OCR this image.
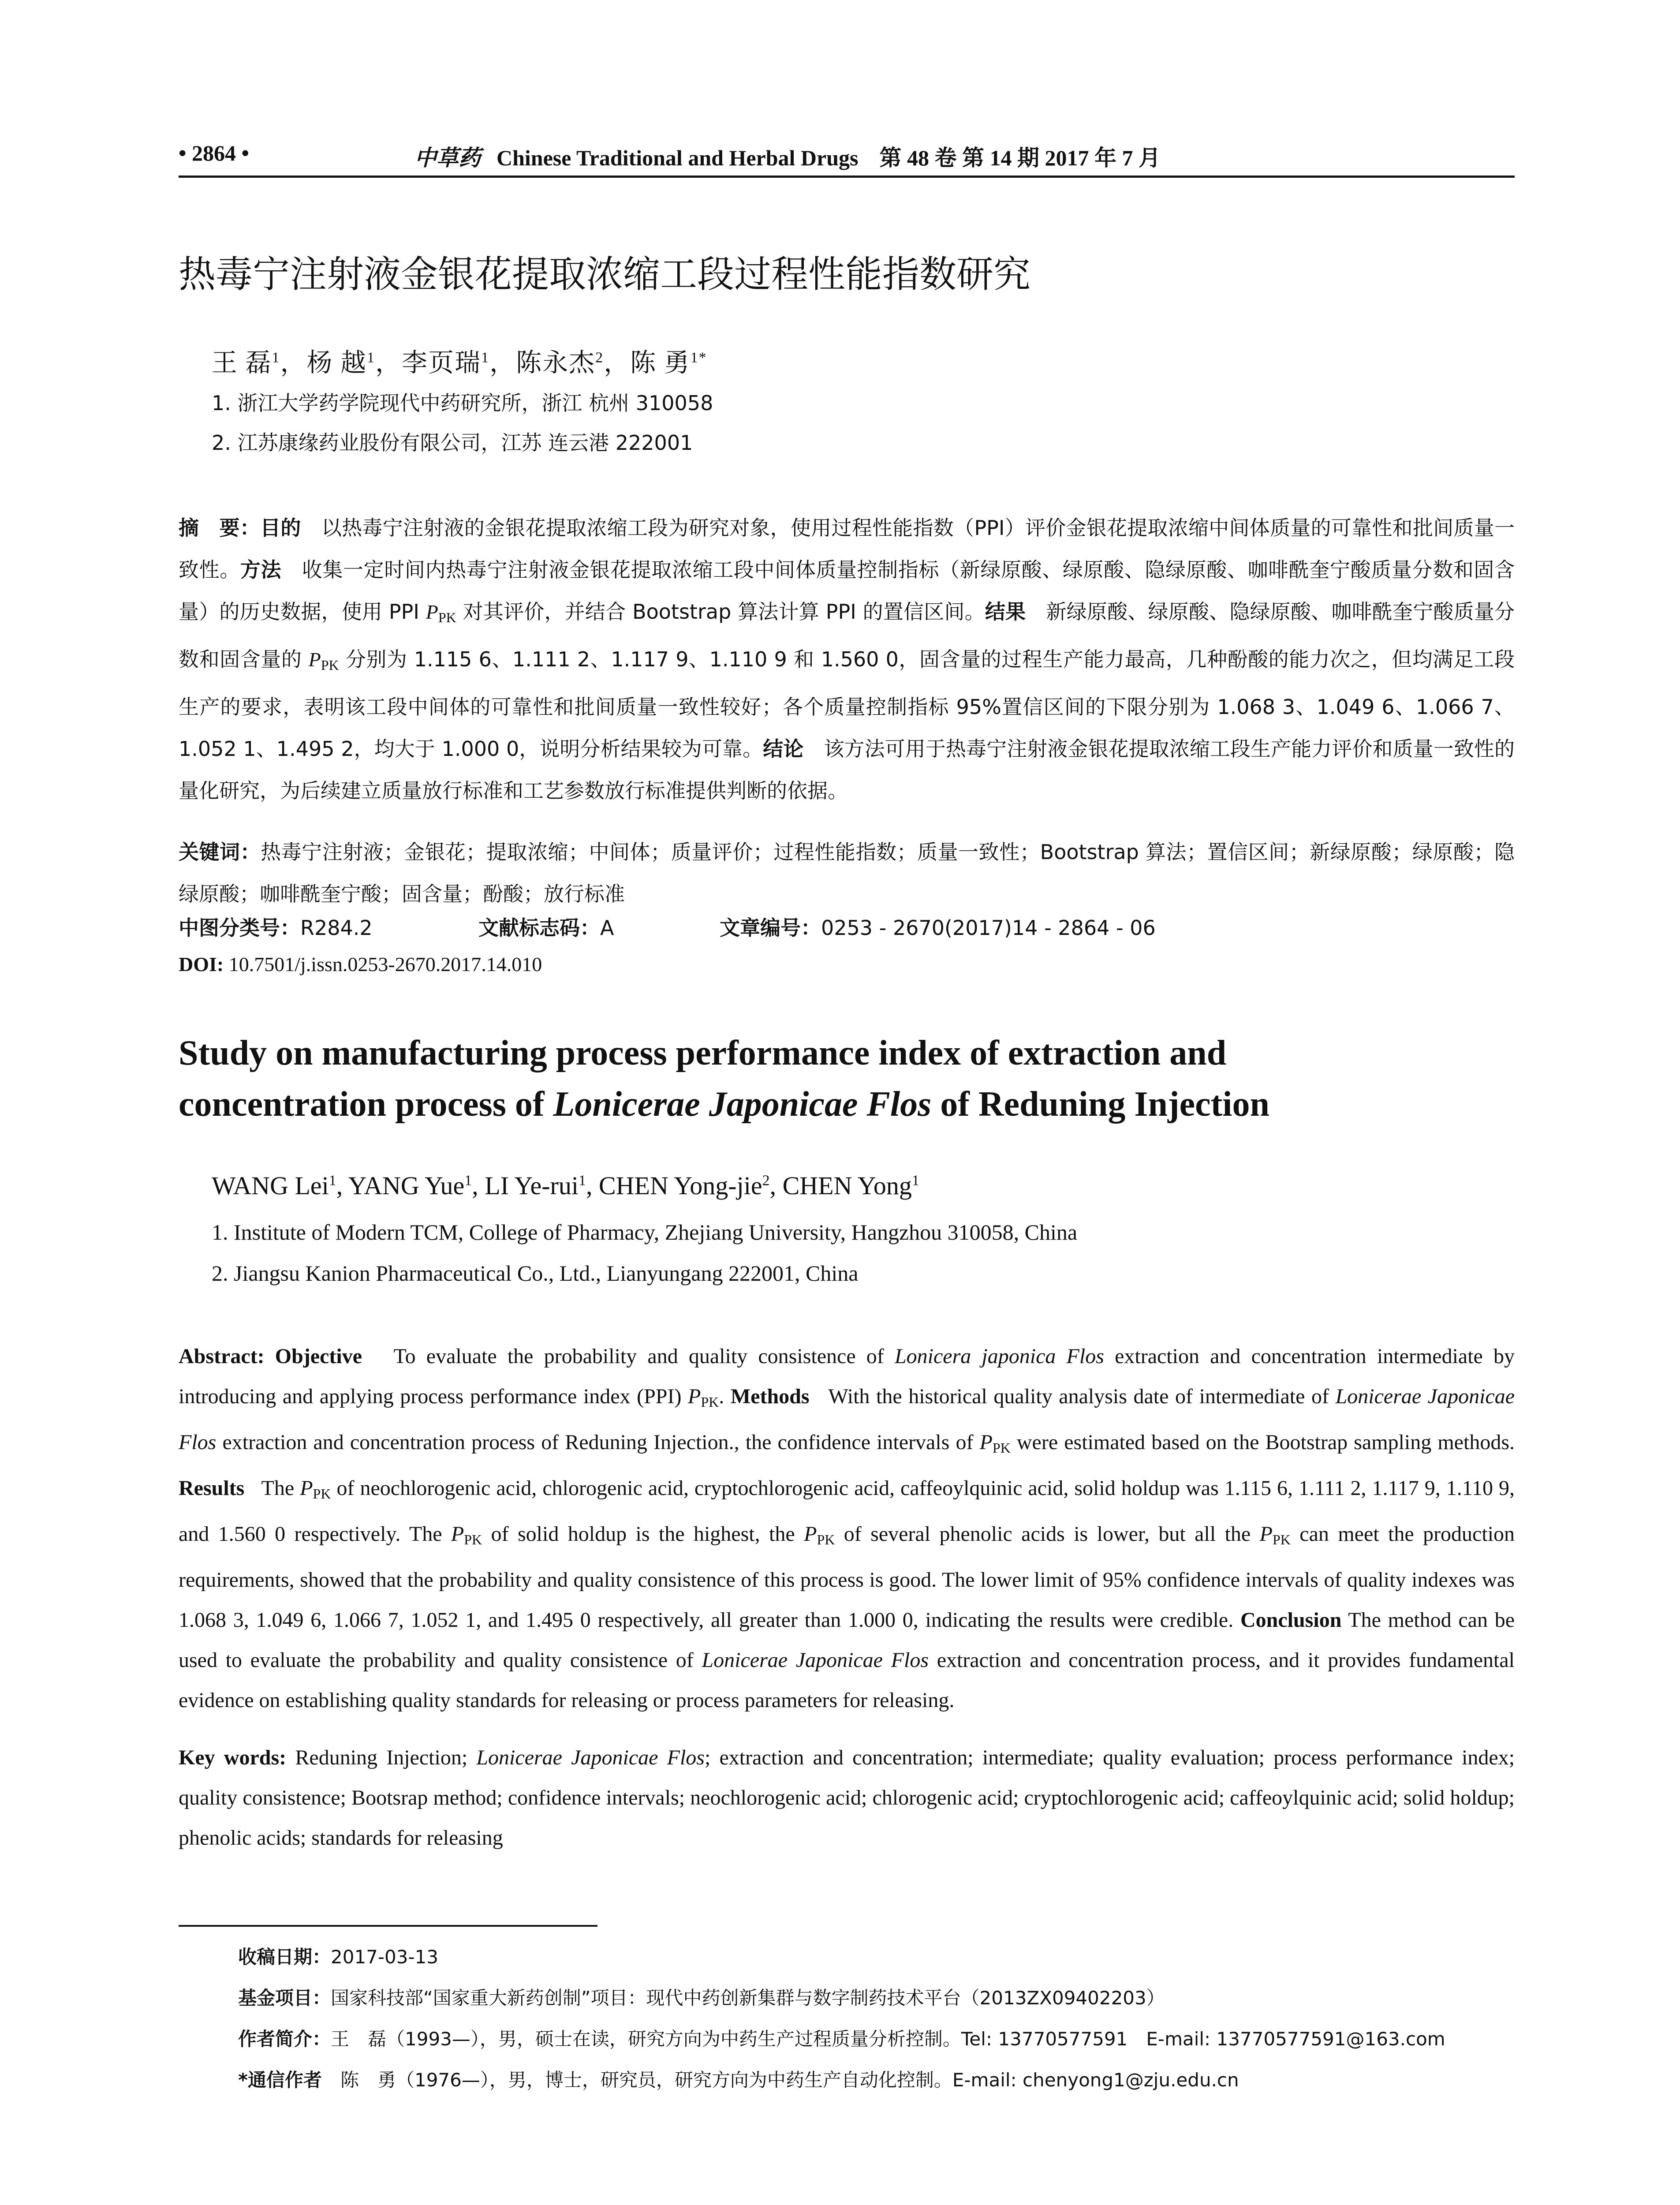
• 2864 •	中草药 Chinese Traditional and Herbal Drugs 第 48 卷 第 14 期 2017 年 7 月
热毒宁注射液金银花提取浓缩工段过程性能指数研究
王 磊$^1$，杨 越$^1$，李页瑞$^1$，陈永杰$^2$，陈 勇$^{1*}$
1. 浙江大学药学院现代中药研究所，浙江 杭州 310058
2. 江苏康缘药业股份有限公司，江苏 连云港 222001
摘　要：目的　 以热毒宁注射液的金银花提取浓缩工段为研究对象，使用过程性能指数（PPI）评价金银花提取浓缩中间体质量的可靠性和批间质量一致性。方法　 收集一定时间内热毒宁注射液金银花提取浓缩工段中间体质量控制指标（新绿原酸、绿原酸、隐绿原酸、咖啡酰奎宁酸质量分数和固含量）的历史数据，使用 PPI $P_{PK}$ 对其评价，并结合 Bootstrap 算法计算 PPI 的置信区间。结果　 新绿原酸、绿原酸、隐绿原酸、咖啡酰奎宁酸质量分数和固含量的 $P_{PK}$ 分别为 1.115 6、1.111 2、1.117 9、1.110 9 和 1.560 0，固含量的过程生产能力最高，几种酚酸的能力次之，但均满足工段生产的要求，表明该工段中间体的可靠性和批间质量一致性较好；各个质量控制指标 95%置信区间的下限分别为 1.068 3、1.049 6、1.066 7、1.052 1、1.495 2，均大于 1.000 0，说明分析结果较为可靠。结论　 该方法可用于热毒宁注射液金银花提取浓缩工段生产能力评价和质量一致性的量化研究，为后续建立质量放行标准和工艺参数放行标准提供判断的依据。
关键词：热毒宁注射液；金银花；提取浓缩；中间体；质量评价；过程性能指数；质量一致性；Bootstrap 算法；置信区间；新绿原酸；绿原酸；隐绿原酸；咖啡酰奎宁酸；固含量；酚酸；放行标准
中图分类号：R284.2	文献标志码：A	文章编号：0253 - 2670(2017)14 - 2864 - 06
DOI: 10.7501/j.issn.0253-2670.2017.14.010
Study on manufacturing process performance index of extraction and
concentration process of Lonicerae Japonicae Flos of Reduning Injection
WANG Lei$^1$, YANG Yue$^1$, LI Ye-rui$^1$, CHEN Yong-jie$^2$, CHEN Yong$^1$
1. Institute of Modern TCM, College of Pharmacy, Zhejiang University, Hangzhou 310058, China
2. Jiangsu Kanion Pharmaceutical Co., Ltd., Lianyungang 222001, China
Abstract: Objective To evaluate the probability and quality consistence of Lonicera japonica Flos extraction and concentration intermediate by introducing and applying process performance index (PPI) $P_{PK}$. Methods With the historical quality analysis date of intermediate of Lonicerae Japonicae Flos extraction and concentration process of Reduning Injection., the confidence intervals of $P_{PK}$ were estimated based on the Bootstrap sampling methods. Results The $P_{PK}$ of neochlorogenic acid, chlorogenic acid, cryptochlorogenic acid, caffeoylquinic acid, solid holdup was 1.115 6, 1.111 2, 1.117 9, 1.110 9, and 1.560 0 respectively. The $P_{PK}$ of solid holdup is the highest, the $P_{PK}$ of several phenolic acids is lower, but all the $P_{PK}$ can meet the production requirements, showed that the probability and quality consistence of this process is good. The lower limit of 95% confidence intervals of quality indexes was 1.068 3, 1.049 6, 1.066 7, 1.052 1, and 1.495 0 respectively, all greater than 1.000 0, indicating the results were credible. Conclusion The method can be used to evaluate the probability and quality consistence of Lonicerae Japonicae Flos extraction and concentration process, and it provides fundamental evidence on establishing quality standards for releasing or process parameters for releasing.
Key words: Reduning Injection; Lonicerae Japonicae Flos; extraction and concentration; intermediate; quality evaluation; process performance index; quality consistence; Bootsrap method; confidence intervals; neochlorogenic acid; chlorogenic acid; cryptochlorogenic acid; caffeoylquinic acid; solid holdup; phenolic acids; standards for releasing
收稿日期：2017-03-13
基金项目：国家科技部“国家重大新药创制”项目：现代中药创新集群与数字制药技术平台（2013ZX09402203）
作者简介：王　磊（1993—），男，硕士在读，研究方向为中药生产过程质量分析控制。Tel: 13770577591　E-mail: 13770577591@163.com
*通信作者　陈　勇（1976—），男，博士，研究员，研究方向为中药生产自动化控制。E-mail: chenyong1@zju.edu.cn
